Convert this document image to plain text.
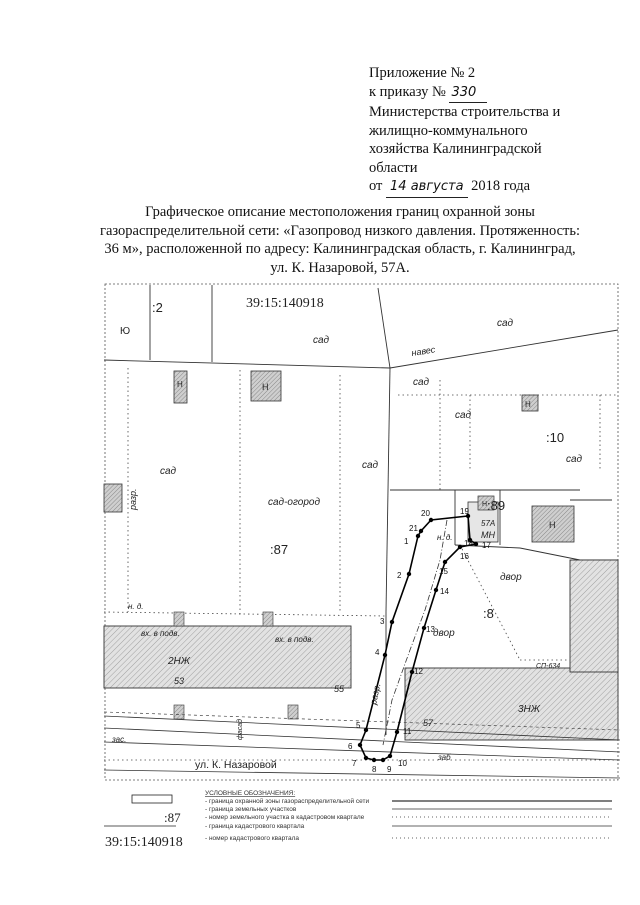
Приложение № 2
к приказу № 330
Министерства строительства и
жилищно-коммунального
хозяйства Калининградской
области
от 14 августа 2018 года
Графическое описание местоположения границ охранной зоны
газораспределительной сети: «Газопровод низкого давления. Протяженность:
36 м», расположенной по адресу: Калининградская область, г. Калининград,
ул. К. Назаровой, 57А.
1
2
3
4
5
6
7
8 9
10
11
12
13
14
15
16
17
18
19
20
21
39:15:140918
:2
:10
:87
:89
:8
Ю
сад
сад
сад
сад
сад
сад
сад
сад-огород
навес
разр.
разр.
двор
двор
н. д.
н. д.
вх. в подв.
вх. в подв.
2НЖ
3НЖ
53
55
57
МН
57А
СП-634
зас.
заб
фасад
ул. К. Назаровой
Н	Н
Н
Н
Н
УСЛОВНЫЕ ОБОЗНАЧЕНИЯ:
- граница охранной зоны газораспределительной сети
- граница земельных участков
- номер земельного участка в кадастровом квартале
- граница кадастрового квартала
- номер кадастрового квартала
:87
39:15:140918
